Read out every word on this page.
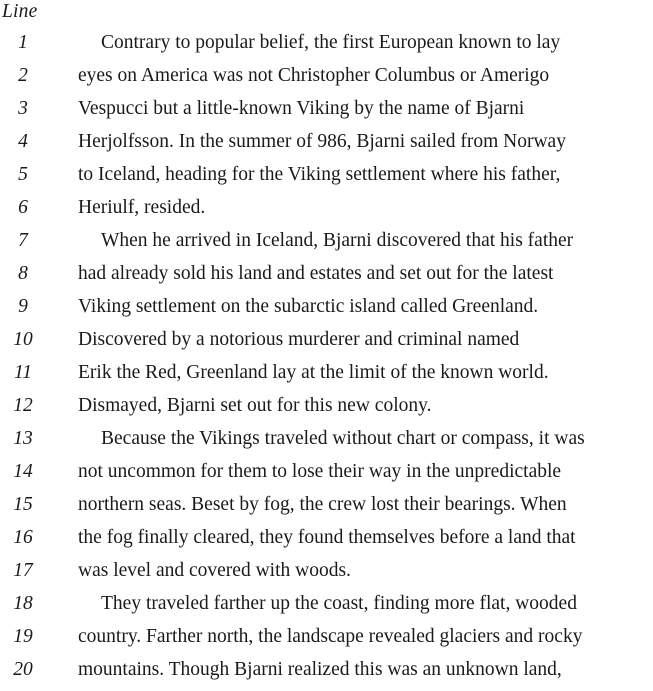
Line
1	Contrary to popular belief, the first European known to lay
2	eyes on America was not Christopher Columbus or Amerigo
3	Vespucci but a little-known Viking by the name of Bjarni
4	Herjolfsson. In the summer of 986, Bjarni sailed from Norway
5	to Iceland, heading for the Viking settlement where his father,
6	Heriulf, resided.
7	When he arrived in Iceland, Bjarni discovered that his father
8	had already sold his land and estates and set out for the latest
9	Viking settlement on the subarctic island called Greenland.
10	Discovered by a notorious murderer and criminal named
11	Erik the Red, Greenland lay at the limit of the known world.
12	Dismayed, Bjarni set out for this new colony.
13	Because the Vikings traveled without chart or compass, it was
14	not uncommon for them to lose their way in the unpredictable
15	northern seas. Beset by fog, the crew lost their bearings. When
16	the fog finally cleared, they found themselves before a land that
17	was level and covered with woods.
18	They traveled farther up the coast, finding more flat, wooded
19	country. Farther north, the landscape revealed glaciers and rocky
20	mountains. Though Bjarni realized this was an unknown land,
